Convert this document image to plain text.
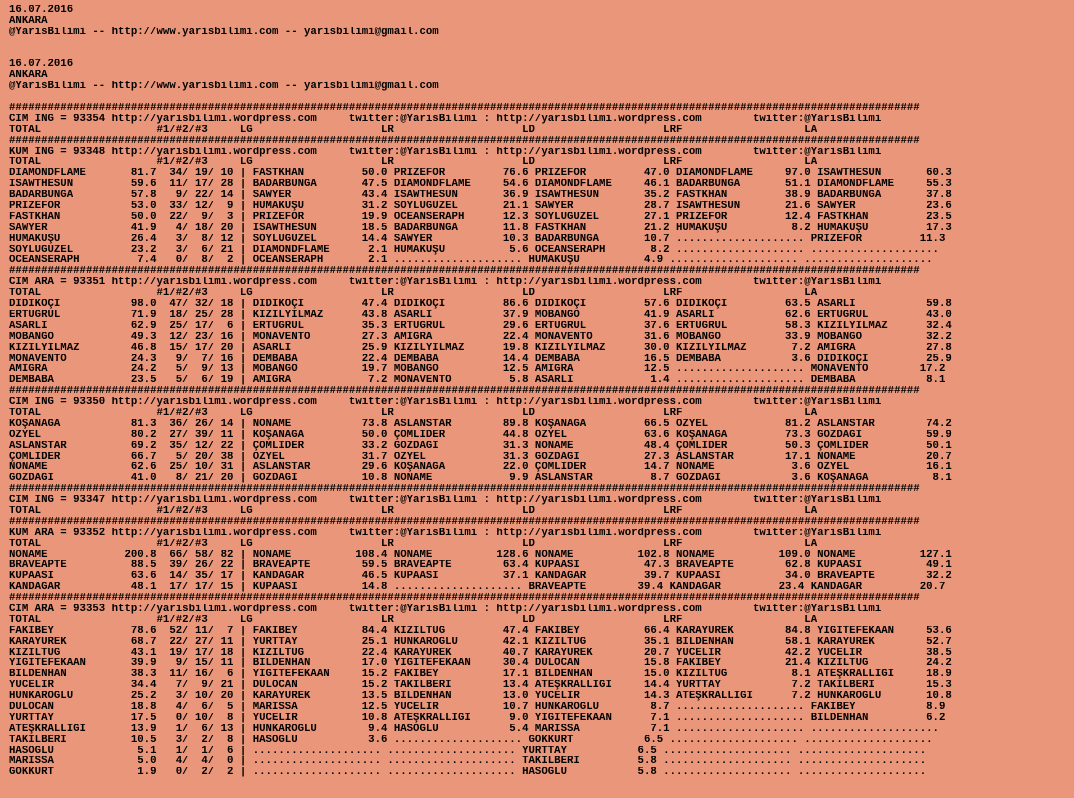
16.07.2016
ANKARA
@YarisBilimi -- http://www.yarisbilimi.com -- yarisbilimi@gmail.com

16.07.2016
ANKARA
@YarisBilimi -- http://www.yarisbilimi.com -- yarisbilimi@gmail.com

##############################################################################################################################################
CIM ING = 93354 http://yarisbilimi.wordpress.com     twitter:@YarisBilimi : http://yarisbilimi.wordpress.com        twitter:@YarisBilimi
TOTAL                  #1/#2/#3     LG                    LR                    LD                    LRF                   LA
##############################################################################################################################################
KUM ING = 93348 http://yarisbilimi.wordpress.com     twitter:@YarisBilimi : http://yarisbilimi.wordpress.com        twitter:@YarisBilimi
TOTAL                  #1/#2/#3     LG                    LR                    LD                    LRF                   LA
DIAMONDFLAME       81.7  34/ 19/ 10 | FASTKHAN         50.0 PRIZEFOR         76.6 PRIZEFOR         47.0 DIAMONDFLAME     97.0 ISAWTHESUN       60.3
ISAWTHESUN         59.6  11/ 17/ 28 | BADARBUNGA       47.5 DIAMONDFLAME     54.6 DIAMONDFLAME     46.1 BADARBUNGA       51.1 DIAMONDFLAME     55.3
BADARBUNGA         57.8   9/ 22/ 14 | SAWYER           43.4 ISAWTHESUN       36.9 ISAWTHESUN       35.2 FASTKHAN         38.9 BADARBUNGA       37.8
PRIZEFOR           53.0  33/ 12/  9 | HUMAKUŞU         31.2 SOYLUGÜZEL       21.1 SAWYER           28.7 ISAWTHESUN       21.6 SAWYER           23.6
FASTKHAN           50.0  22/  9/  3 | PRIZEFOR         19.9 OCEANSERAPH      12.3 SOYLUGÜZEL       27.1 PRIZEFOR         12.4 FASTKHAN         23.5
SAWYER             41.9   4/ 18/ 20 | ISAWTHESUN       18.5 BADARBUNGA       11.8 FASTKHAN         21.2 HUMAKUŞU          8.2 HUMAKUŞU         17.3
HUMAKUŞU           26.4   3/  8/ 12 | SOYLUGÜZEL       14.4 SAWYER           10.3 BADARBUNGA       10.7 .................... PRIZEFOR         11.3
SOYLUGÜZEL         23.2   3/  6/ 21 | DIAMONDFLAME      2.1 HUMAKUŞU          5.6 OCEANSERAPH       8.2 .................... ....................
OCEANSERAPH         7.4   0/  8/  2 | OCEANSERAPH       2.1 .................... HUMAKUŞU          4.9 .................... ....................
##############################################################################################################################################
CIM ARA = 93351 http://yarisbilimi.wordpress.com     twitter:@YarisBilimi : http://yarisbilimi.wordpress.com        twitter:@YarisBilimi
TOTAL                  #1/#2/#3     LG                    LR                    LD                    LRF                   LA
DİDİKOÇİ           98.0  47/ 32/ 18 | DİDİKOÇİ         47.4 DİDİKOÇİ         86.6 DİDİKOÇİ         57.6 DİDİKOÇİ         63.5 ASARLI           59.8
ERTUĞRUL           71.9  18/ 25/ 28 | KIZILYILMAZ      43.8 ASARLI           37.9 MOBANGO          41.9 ASARLI           62.6 ERTUĞRUL         43.0
ASARLI             62.9  25/ 17/  6 | ERTUĞRUL         35.3 ERTUĞRUL         29.6 ERTUĞRUL         37.6 ERTUĞRUL         58.3 KIZILYILMAZ      32.4
MOBANGO            49.3  12/ 23/ 16 | MONAVENTO        27.3 AMIGRA           22.4 MONAVENTO        31.6 MOBANGO          33.9 MOBANGO          32.2
KIZILYILMAZ        46.8  15/ 17/ 20 | ASARLI           25.9 KIZILYILMAZ      19.8 KIZILYILMAZ      30.0 KIZILYILMAZ       7.2 AMIGRA           27.8
MONAVENTO          24.3   9/  7/ 16 | DEMBABA          22.4 DEMBABA          14.4 DEMBABA          16.5 DEMBABA           3.6 DİDİKOÇİ         25.9
AMIGRA             24.2   5/  9/ 13 | MOBANGO          19.7 MOBANGO          12.5 AMIGRA           12.5 .................... MONAVENTO        17.2
DEMBABA            23.5   5/  6/ 19 | AMIGRA            7.2 MONAVENTO         5.8 ASARLI            1.4 .................... DEMBABA           8.1
##############################################################################################################################################
CIM ING = 93350 http://yarisbilimi.wordpress.com     twitter:@YarisBilimi : http://yarisbilimi.wordpress.com        twitter:@YarisBilimi
TOTAL                  #1/#2/#3     LG                    LR                    LD                    LRF                   LA
KOŞANAĞA           81.3  36/ 26/ 14 | NONAME           73.8 ASLANSTAR        89.8 KOŞANAĞA         66.5 ÖZYEL            81.2 ASLANSTAR        74.2
ÖZYEL              80.2  27/ 39/ 11 | KOŞANAĞA         50.0 ÇOMLİDER         44.8 ÖZYEL            63.6 KOŞANAĞA         73.3 GÖZDAĞI          59.9
ASLANSTAR          69.2  35/ 12/ 22 | ÇOMLİDER         33.2 GÖZDAĞI          31.3 NONAMË           48.4 ÇOMLİDER         50.3 ÇOMLİDER         50.1
ÇOMLİDER           66.7   5/ 20/ 38 | ÖZYEL            31.7 ÖZYEL            31.3 GÖZDAĞI          27.3 ASLANSTAR        17.1 NONAMË           20.7
NONAMË             62.6  25/ 10/ 31 | ASLANSTAR        29.6 KOŞANAĞA         22.0 ÇOMLİDER         14.7 NONAMË            3.6 ÖZYEL            16.1
GÖZDAĞI            41.0   8/ 21/ 20 | GÖZDAĞI          10.8 NONAME            9.9 ASLANSTAR         8.7 GÖZDAĞI           3.6 KOŞANAĞA          8.1
##############################################################################################################################################
CIM ING = 93347 http://yarisbilimi.wordpress.com     twitter:@YarisBilimi : http://yarisbilimi.wordpress.com        twitter:@YarisBilimi
TOTAL                  #1/#2/#3     LG                    LR                    LD                    LRF                   LA
##############################################################################################################################################
KUM ARA = 93352 http://yarisbilimi.wordpress.com     twitter:@YarisBilimi : http://yarisbilimi.wordpress.com        twitter:@YarisBilimi
TOTAL                  #1/#2/#3     LG                    LR                    LD                    LRF                   LA
NONAME            200.8  66/ 58/ 82 | NONAME          108.4 NONAME          128.6 NONAME          102.8 NONAME          109.0 NONAME          127.1
BRAVEAPTE          88.5  39/ 26/ 22 | BRAVEAPTE        59.5 BRAVEAPTE        63.4 KUPAASI          47.3 BRAVEAPTE        62.8 KUPAASI          49.1
KUPAASI            63.6  14/ 35/ 17 | KANDAGAR         46.5 KUPAASI          37.1 KANDAGAR         39.7 KUPAASI          34.0 BRAVEAPTE        32.2
KANDAGAR           48.1  17/ 17/ 15 | KUPAASI          14.8 .................... BRAVEAPTE        39.4 KANDAGAR         23.4 KANDAGAR         20.7
##############################################################################################################################################
CIM ARA = 93353 http://yarisbilimi.wordpress.com     twitter:@YarisBilimi : http://yarisbilimi.wordpress.com        twitter:@YarisBilimi
TOTAL                  #1/#2/#3     LG                    LR                    LD                    LRF                   LA
FAKIBEY            78.6  52/ 11/  7 | FAKIBEY          84.4 KIZILTUĞ         47.4 FAKIBEY          66.4 KARAYÜREK        84.8 YİĞİTEFEKAAN     53.6
KARAYÜREK          68.7  22/ 27/ 11 | YURTTAY          25.1 HUNKAROĞLU       42.1 KIZILTUĞ         35.1 BİLDENHAN        58.1 KARAYÜREK        52.7
KIZILTUĞ           43.1  19/ 17/ 18 | KIZILTUĞ         22.4 KARAYÜREK        40.7 KARAYÜREK        20.7 YÜCELİR          42.2 YÜCELİR          38.5
YİĞİTEFEKAAN       39.9   9/ 15/ 11 | BİLDENHAN        17.0 YİĞİTEFEKAAN     30.4 DULOCAN          15.8 FAKIBEY          21.4 KIZILTUĞ         24.2
BİLDENHAN          38.3  11/ 16/  6 | YİĞİTEFEKAAN     15.2 FAKIBEY          17.1 BİLDENHAN        15.0 KIZILTUĞ          8.1 ATEŞKRALLIĞI     18.9
YÜCELİR            34.4   7/  9/ 21 | DULOCAN          15.2 TAKİLBERİ        13.4 ATEŞKRALLIĞI     14.4 YURTTAY           7.2 TAKİLBERİ        15.3
HUNKAROĞLU         25.2   3/ 10/ 20 | KARAYÜREK        13.5 BİLDENHAN        13.0 YÜCELİR          14.3 ATEŞKRALLIĞI      7.2 HUNKAROĞLU       10.8
DULOCAN            18.8   4/  6/  5 | MARİSSA          12.5 YÜCELİR          10.7 HUNKAROĞLU        8.7 .................... FAKIBEY           8.9
YURTTAY            17.5   0/ 10/  8 | YÜCELİR          10.8 ATEŞKRALLIĞI      9.0 YİĞİTEFEKAAN      7.1 .................... BİLDENHAN         6.2
ATEŞKRALLIĞI       13.9   1/  6/ 13 | HUNKAROĞLU        9.4 HASOĞLU           5.4 MARİSSA           7.1 .................... ....................
TAKİLBERİ          10.5   3/  2/  8 | HASOĞLU           3.6 .................... GOKKURT           6.5 .................... ....................
HASOĞLU             5.1   1/  1/  6 | .................... .................... YURTTAY           6.5 .................... ....................
MARİSSA             5.0   4/  4/  0 | .................... .................... TAKİLBERİ         5.8 .................... ....................
GOKKURT             1.9   0/  2/  2 | .................... .................... HASOĞLU           5.8 .................... ....................
